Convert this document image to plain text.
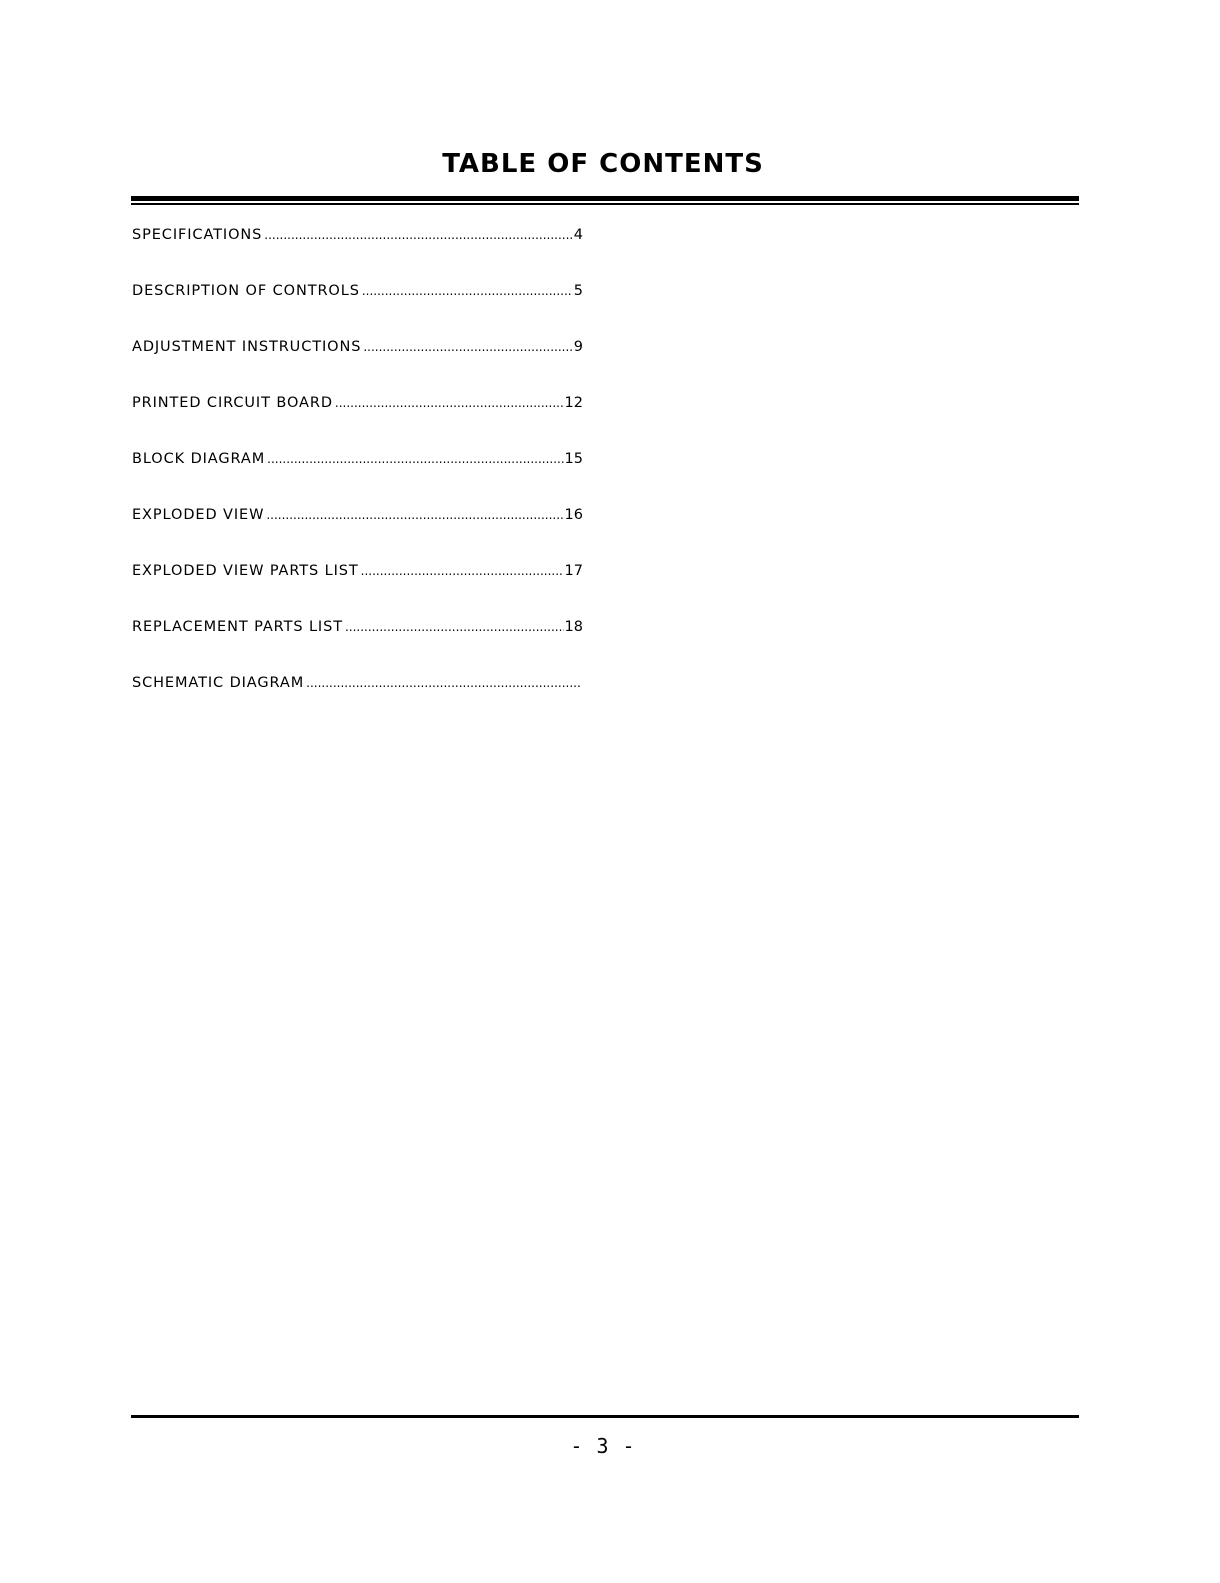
TABLE OF CONTENTS
SPECIFICATIONS .....	4
DESCRIPTION OF CONTROLS .....	5
ADJUSTMENT INSTRUCTIONS .....	9
PRINTED CIRCUIT BOARD .....	12
BLOCK DIAGRAM .....	15
EXPLODED VIEW .....	16
EXPLODED VIEW PARTS LIST .....	17
REPLACEMENT PARTS LIST .....	18
SCHEMATIC DIAGRAM
.....
- 3 -
